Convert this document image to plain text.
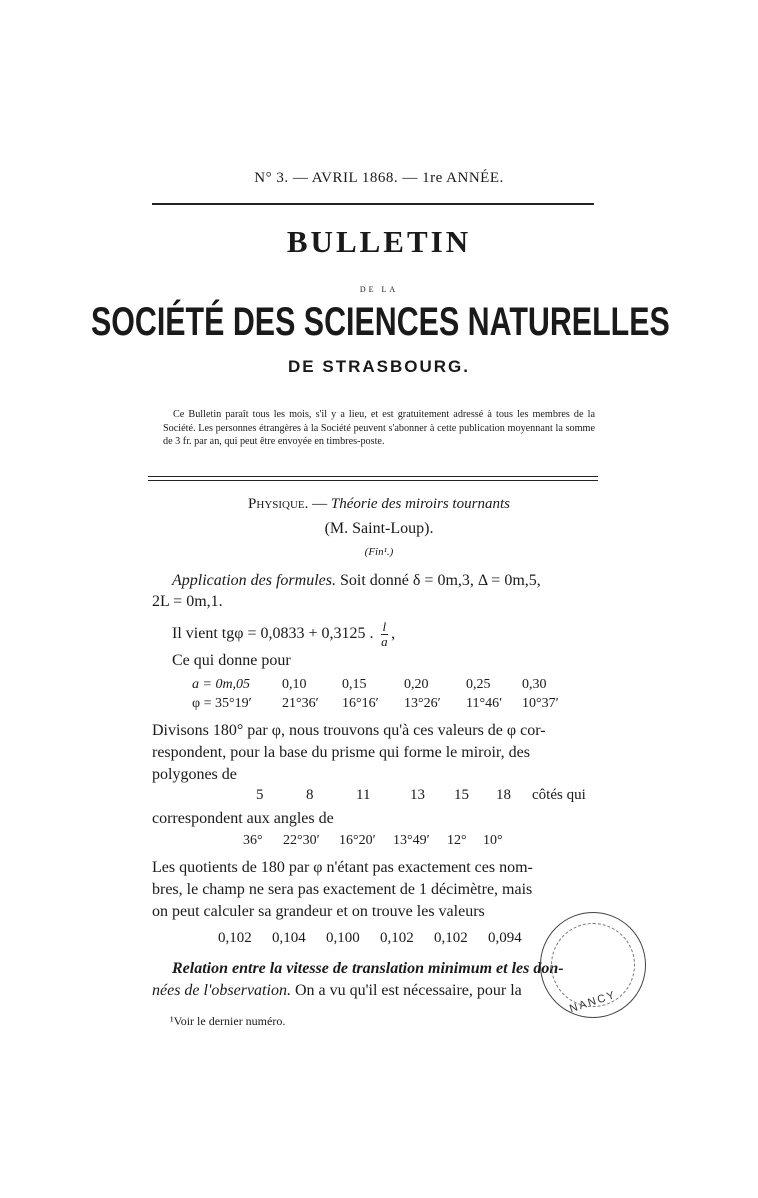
N° 3. — AVRIL 1868. — 1re ANNÉE.
BULLETIN
DE LA
SOCIÉTÉ DES SCIENCES NATURELLES
DE STRASBOURG.

Ce Bulletin paraît tous les mois, s'il y a lieu, et est gratuitement adressé à tous les membres de la Société. Les personnes étrangères à la Société peuvent s'abonner à cette publication moyennant la somme de 3 fr. par an, qui peut être envoyée en timbres-poste.

Physique. — Théorie des miroirs tournants
(M. Saint-Loup).
(Fin¹.)
Application des formules. Soit donné δ = 0m,3, Δ = 0m,5,
2L = 0m,1.
Il vient tgφ = 0,0833 + 0,3125 . $\frac{l}{a}$ ,
Ce qui donne pour
a = 0m,05	0,10	0,15	0,20	0,25	0,30
φ = 35°19′	21°36′	16°16′	13°26′	11°46′	10°37′
Divisons 180° par φ, nous trouvons qu'à ces valeurs de φ cor-
respondent, pour la base du prisme qui forme le miroir, des
polygones de
5	8	11	13	15	18	côtés qui
correspondent aux angles de
36°	22°30′	16°20′	13°49′	12°	10°
Les quotients de 180 par φ n'étant pas exactement ces nom-
bres, le champ ne sera pas exactement de 1 décimètre, mais
on peut calculer sa grandeur et on trouve les valeurs
0,102	0,104	0,100	0,102	0,102	0,094
Relation entre la vitesse de translation minimum et les don-
nées de l'observation. On a vu qu'il est nécessaire, pour la
¹Voir le dernier numéro.
NANCY
